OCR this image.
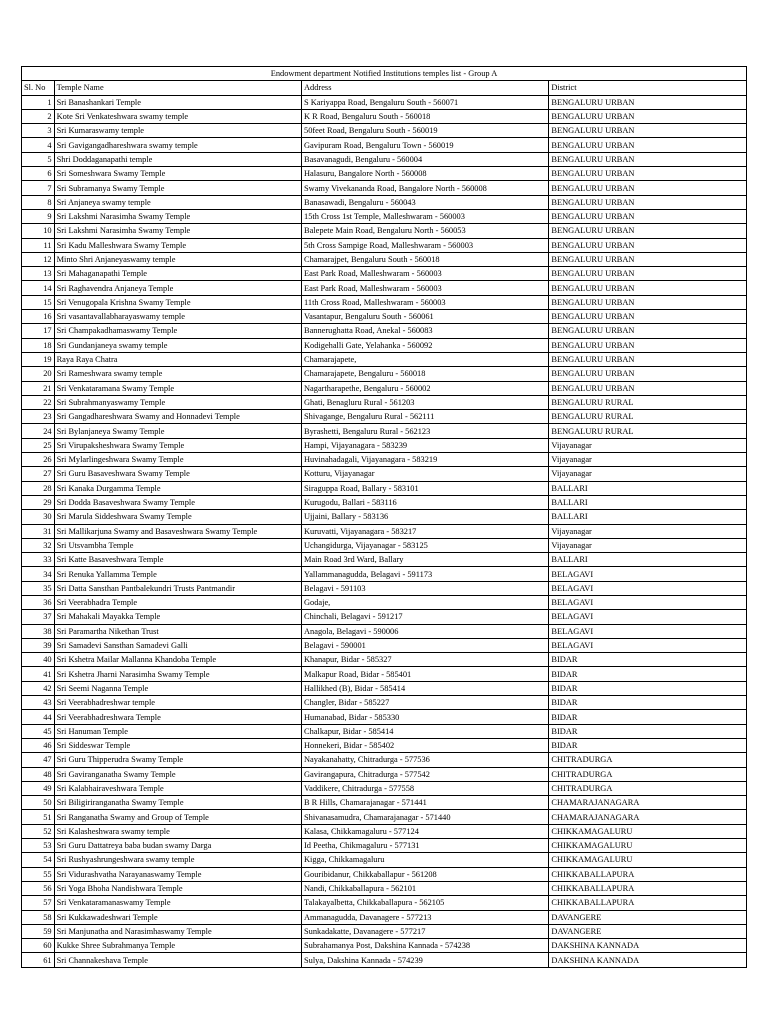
Endowment department Notified Institutions temples list - Group A			
Sl. No	Temple Name	Address	District
1	Sri Banashankari Temple	S Kariyappa Road, Bengaluru South - 560071	BENGALURU URBAN
2	Kote Sri Venkateshwara swamy temple	K R Road, Bengaluru South - 560018	BENGALURU URBAN
3	Sri Kumaraswamy temple	50feet Road, Bengaluru South - 560019	BENGALURU URBAN
4	Sri Gavigangadhareshwara swamy temple	Gavipuram Road, Bengaluru Town - 560019	BENGALURU URBAN
5	Shri Doddaganapathi temple	Basavanagudi, Bengaluru - 560004	BENGALURU URBAN
6	Sri Someshwara Swamy Temple	Halasuru, Bangalore North - 560008	BENGALURU URBAN
7	Sri Subramanya Swamy Temple	Swamy Vivekananda Road, Bangalore North - 560008	BENGALURU URBAN
8	Sri Anjaneya swamy temple	Banasawadi, Bengaluru - 560043	BENGALURU URBAN
9	Sri Lakshmi Narasimha Swamy Temple	15th Cross 1st Temple, Malleshwaram - 560003	BENGALURU URBAN
10	Sri Lakshmi Narasimha Swamy Temple	Balepete Main Road, Bengaluru North - 560053	BENGALURU URBAN
11	Sri Kadu Malleshwara Swamy Temple	5th Cross Sampige Road, Malleshwaram - 560003	BENGALURU URBAN
12	Minto Shri Anjaneyaswamy temple	Chamarajpet, Bengaluru South - 560018	BENGALURU URBAN
13	Sri Mahaganapathi Temple	East Park Road, Malleshwaram - 560003	BENGALURU URBAN
14	Sri Raghavendra Anjaneya Temple	East Park Road, Malleshwaram - 560003	BENGALURU URBAN
15	Sri Venugopala Krishna Swamy Temple	11th Cross Road, Malleshwaram - 560003	BENGALURU URBAN
16	Sri vasantavallabharayaswamy temple	Vasantapur, Bengaluru South - 560061	BENGALURU URBAN
17	Sri Champakadhamaswamy Temple	Bannerughatta Road, Anekal - 560083	BENGALURU URBAN
18	Sri Gundanjaneya swamy temple	Kodigehalli Gate, Yelahanka - 560092	BENGALURU URBAN
19	Raya Raya Chatra	Chamarajapete,	BENGALURU URBAN
20	Sri Rameshwara swamy temple	Chamarajapete, Bengaluru - 560018	BENGALURU URBAN
21	Sri Venkataramana Swamy Temple	Nagartharapethe, Bengaluru - 560002	BENGALURU URBAN
22	Sri Subrahmanyaswamy Temple	Ghati, Benagluru Rural - 561203	BENGALURU RURAL
23	Sri Gangadhareshwara Swamy and Honnadevi Temple	Shivagange, Bengaluru Rural - 562111	BENGALURU RURAL
24	Sri Bylanjaneya Swamy Temple	Byrashetti, Bengaluru Rural - 562123	BENGALURU RURAL
25	Sri Virupaksheshwara Swamy Temple	Hampi, Vijayanagara - 583239	Vijayanagar
26	Sri Mylarlingeshwara Swamy Temple	Huvinahadagali, Vijayanagara - 583219	Vijayanagar
27	Sri Guru Basaveshwara Swamy Temple	Kotturu, Vijayanagar	Vijayanagar
28	Sri Kanaka Durgamma Temple	Siraguppa Road, Ballary - 583101	BALLARI
29	Sri Dodda Basaveshwara Swamy Temple	Kurugodu, Ballari - 583116	BALLARI
30	Sri Marula Siddeshwara Swamy Temple	Ujjaini, Ballary - 583136	BALLARI
31	Sri Mallikarjuna Swamy and Basaveshwara Swamy Temple	Kuruvatti, Vijayanagara - 583217	Vijayanagar
32	Sri Utsvambha Temple	Uchangidurga, Vijayanagar - 583125	Vijayanagar
33	Sri Katte Basaveshwara Temple	Main Road 3rd Ward, Ballary	BALLARI
34	Sri Renuka Yallamma Temple	Yallammanagudda, Belagavi - 591173	BELAGAVI
35	Sri Datta Sansthan Pantbalekundri Trusts Pantmandir	Belagavi - 591103	BELAGAVI
36	Sri Veerabhadra Temple	Godaje,	BELAGAVI
37	Sri Mahakali Mayakka Temple	Chinchali, Belagavi - 591217	BELAGAVI
38	Sri Paramartha Nikethan Trust	Anagola, Belagavi - 590006	BELAGAVI
39	Sri Samadevi Sansthan Samadevi Galli	Belagavi - 590001	BELAGAVI
40	Sri Kshetra Mailar Mallanna Khandoba Temple	Khanapur, Bidar - 585327	BIDAR
41	Sri Kshetra Jharni Narasimha Swamy Temple	Malkapur Road, Bidar - 585401	BIDAR
42	Sri Seemi Naganna Temple	Hallikhed (B), Bidar - 585414	BIDAR
43	Sri Veerabhadreshwar temple	Changler, Bidar - 585227	BIDAR
44	Sri Veerabhadreshwara Temple	Humanabad, Bidar - 585330	BIDAR
45	Sri Hanuman Temple	Chalkapur, Bidar - 585414	BIDAR
46	Sri Siddeswar Temple	Honnekeri, Bidar - 585402	BIDAR
47	Sri Guru Thipperudra Swamy Temple	Nayakanahatty, Chitradurga - 577536	CHITRADURGA
48	Sri Gaviranganatha Swamy Temple	Gavirangapura, Chitradurga - 577542	CHITRADURGA
49	Sri Kalabhairaveshwara Temple	Vaddikere, Chitradurga - 577558	CHITRADURGA
50	Sri Biligiriranganatha Swamy Temple	B R Hills, Chamarajanagar - 571441	CHAMARAJANAGARA
51	Sri Ranganatha Swamy and Group of Temple	Shivanasamudra, Chamarajanagar - 571440	CHAMARAJANAGARA
52	Sri Kalasheshwara swamy temple	Kalasa, Chikkamagaluru - 577124	CHIKKAMAGALURU
53	Sri Guru Dattatreya baba budan swamy Darga	Id Peetha, Chikmagaluru - 577131	CHIKKAMAGALURU
54	Sri Rushyashrungeshwara swamy temple	Kigga, Chikkamagaluru	CHIKKAMAGALURU
55	Sri Vidurashvatha Narayanaswamy Temple	Gouribidanur, Chikkaballapur - 561208	CHIKKABALLAPURA
56	Sri Yoga Bhoha Nandishwara Temple	Nandi, Chikkaballapura - 562101	CHIKKABALLAPURA
57	Sri Venkataramanaswamy Temple	Talakayalbetta, Chikkaballapura - 562105	CHIKKABALLAPURA
58	Sri Kukkawadeshwari Temple	Ammanagudda, Davanagere - 577213	DAVANGERE
59	Sri Manjunatha and Narasimhaswamy Temple	Sunkadakatte, Davanagere - 577217	DAVANGERE
60	Kukke Shree Subrahmanya Temple	Subrahamanya Post, Dakshina Kannada - 574238	DAKSHINA KANNADA
61	Sri Channakeshava Temple	Sulya, Dakshina Kannada - 574239	DAKSHINA KANNADA
